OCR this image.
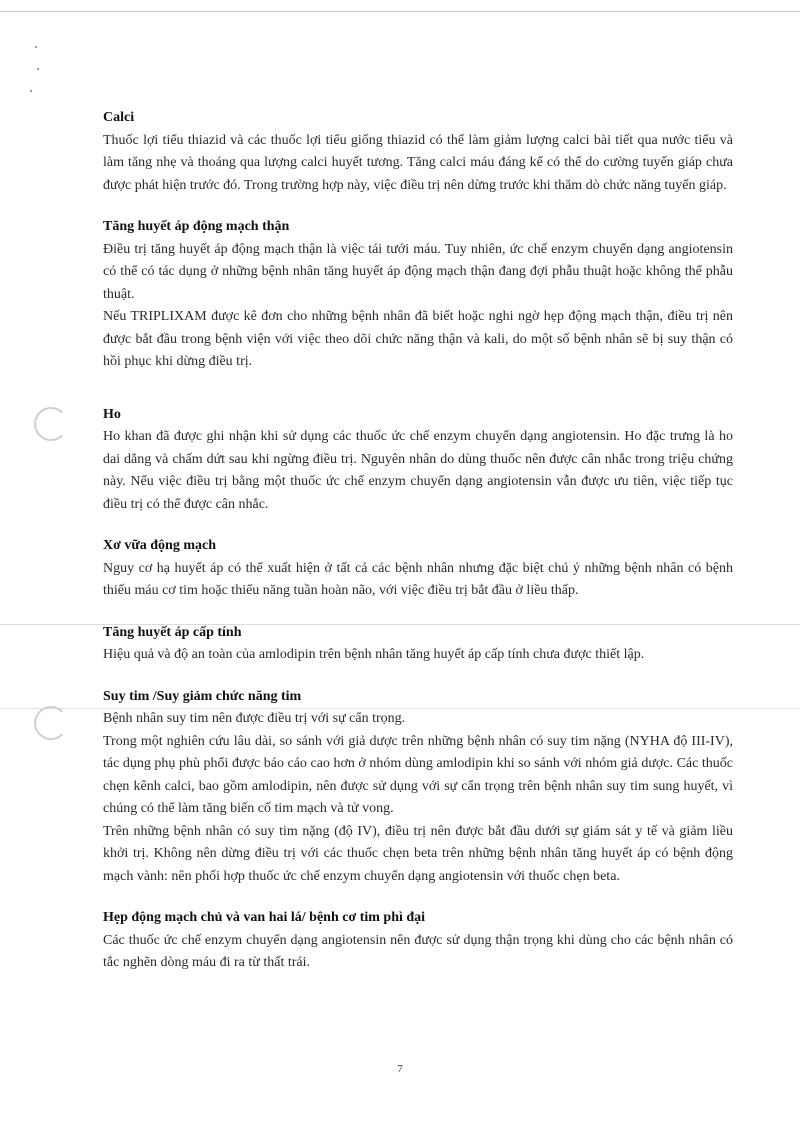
Calci

Thuốc lợi tiểu thiazid và các thuốc lợi tiểu giống thiazid có thể làm giảm lượng calci bài tiết qua nước tiểu và làm tăng nhẹ và thoáng qua lượng calci huyết tương. Tăng calci máu đáng kể có thể do cường tuyến giáp chưa được phát hiện trước đó. Trong trường hợp này, việc điều trị nên dừng trước khi thăm dò chức năng tuyến giáp.

Tăng huyết áp động mạch thận

Điều trị tăng huyết áp động mạch thận là việc tái tưới máu. Tuy nhiên, ức chế enzym chuyển dạng angiotensin có thể có tác dụng ở những bệnh nhân tăng huyết áp động mạch thận đang đợi phẫu thuật hoặc không thể phẫu thuật.

Nếu TRIPLIXAM được kê đơn cho những bệnh nhân đã biết hoặc nghi ngờ hẹp động mạch thận, điều trị nên được bắt đầu trong bệnh viện với việc theo dõi chức năng thận và kali, do một số bệnh nhân sẽ bị suy thận có hồi phục khi dừng điều trị.

Ho

Ho khan đã được ghi nhận khi sử dụng các thuốc ức chế enzym chuyển dạng angiotensin. Ho đặc trưng là ho dai dẳng và chấm dứt sau khi ngừng điều trị. Nguyên nhân do dùng thuốc nên được cân nhắc trong triệu chứng này. Nếu việc điều trị bằng một thuốc ức chế enzym chuyển dạng angiotensin vẫn được ưu tiên, việc tiếp tục điều trị có thể được cân nhắc.

Xơ vữa động mạch

Nguy cơ hạ huyết áp có thể xuất hiện ở tất cả các bệnh nhân nhưng đặc biệt chú ý những bệnh nhân có bệnh thiếu máu cơ tim hoặc thiểu năng tuần hoàn não, với việc điều trị bắt đầu ở liều thấp.

Tăng huyết áp cấp tính

Hiệu quả và độ an toàn của amlodipin trên bệnh nhân tăng huyết áp cấp tính chưa được thiết lập.

Suy tim /Suy giảm chức năng tim

Bệnh nhân suy tim nên được điều trị với sự cẩn trọng.

Trong một nghiên cứu lâu dài, so sánh với giả dược trên những bệnh nhân có suy tim nặng (NYHA độ III-IV), tác dụng phụ phù phổi được báo cáo cao hơn ở nhóm dùng amlodipin khi so sánh với nhóm giả dược. Các thuốc chẹn kênh calci, bao gồm amlodipin, nên được sử dụng với sự cẩn trọng trên bệnh nhân suy tim sung huyết, vì chúng có thể làm tăng biến cố tim mạch và tử vong.

Trên những bệnh nhân có suy tim nặng (độ IV), điều trị nên được bắt đầu dưới sự giám sát y tế và giảm liều khởi trị. Không nên dừng điều trị với các thuốc chẹn beta trên những bệnh nhân tăng huyết áp có bệnh động mạch vành: nên phối hợp thuốc ức chế enzym chuyển dạng angiotensin với thuốc chẹn beta.

Hẹp động mạch chủ và van hai lá/ bệnh cơ tim phì đại

Các thuốc ức chế enzym chuyển dạng angiotensin nên được sử dụng thận trọng khi dùng cho các bệnh nhân có tắc nghẽn dòng máu đi ra từ thất trái.

7
